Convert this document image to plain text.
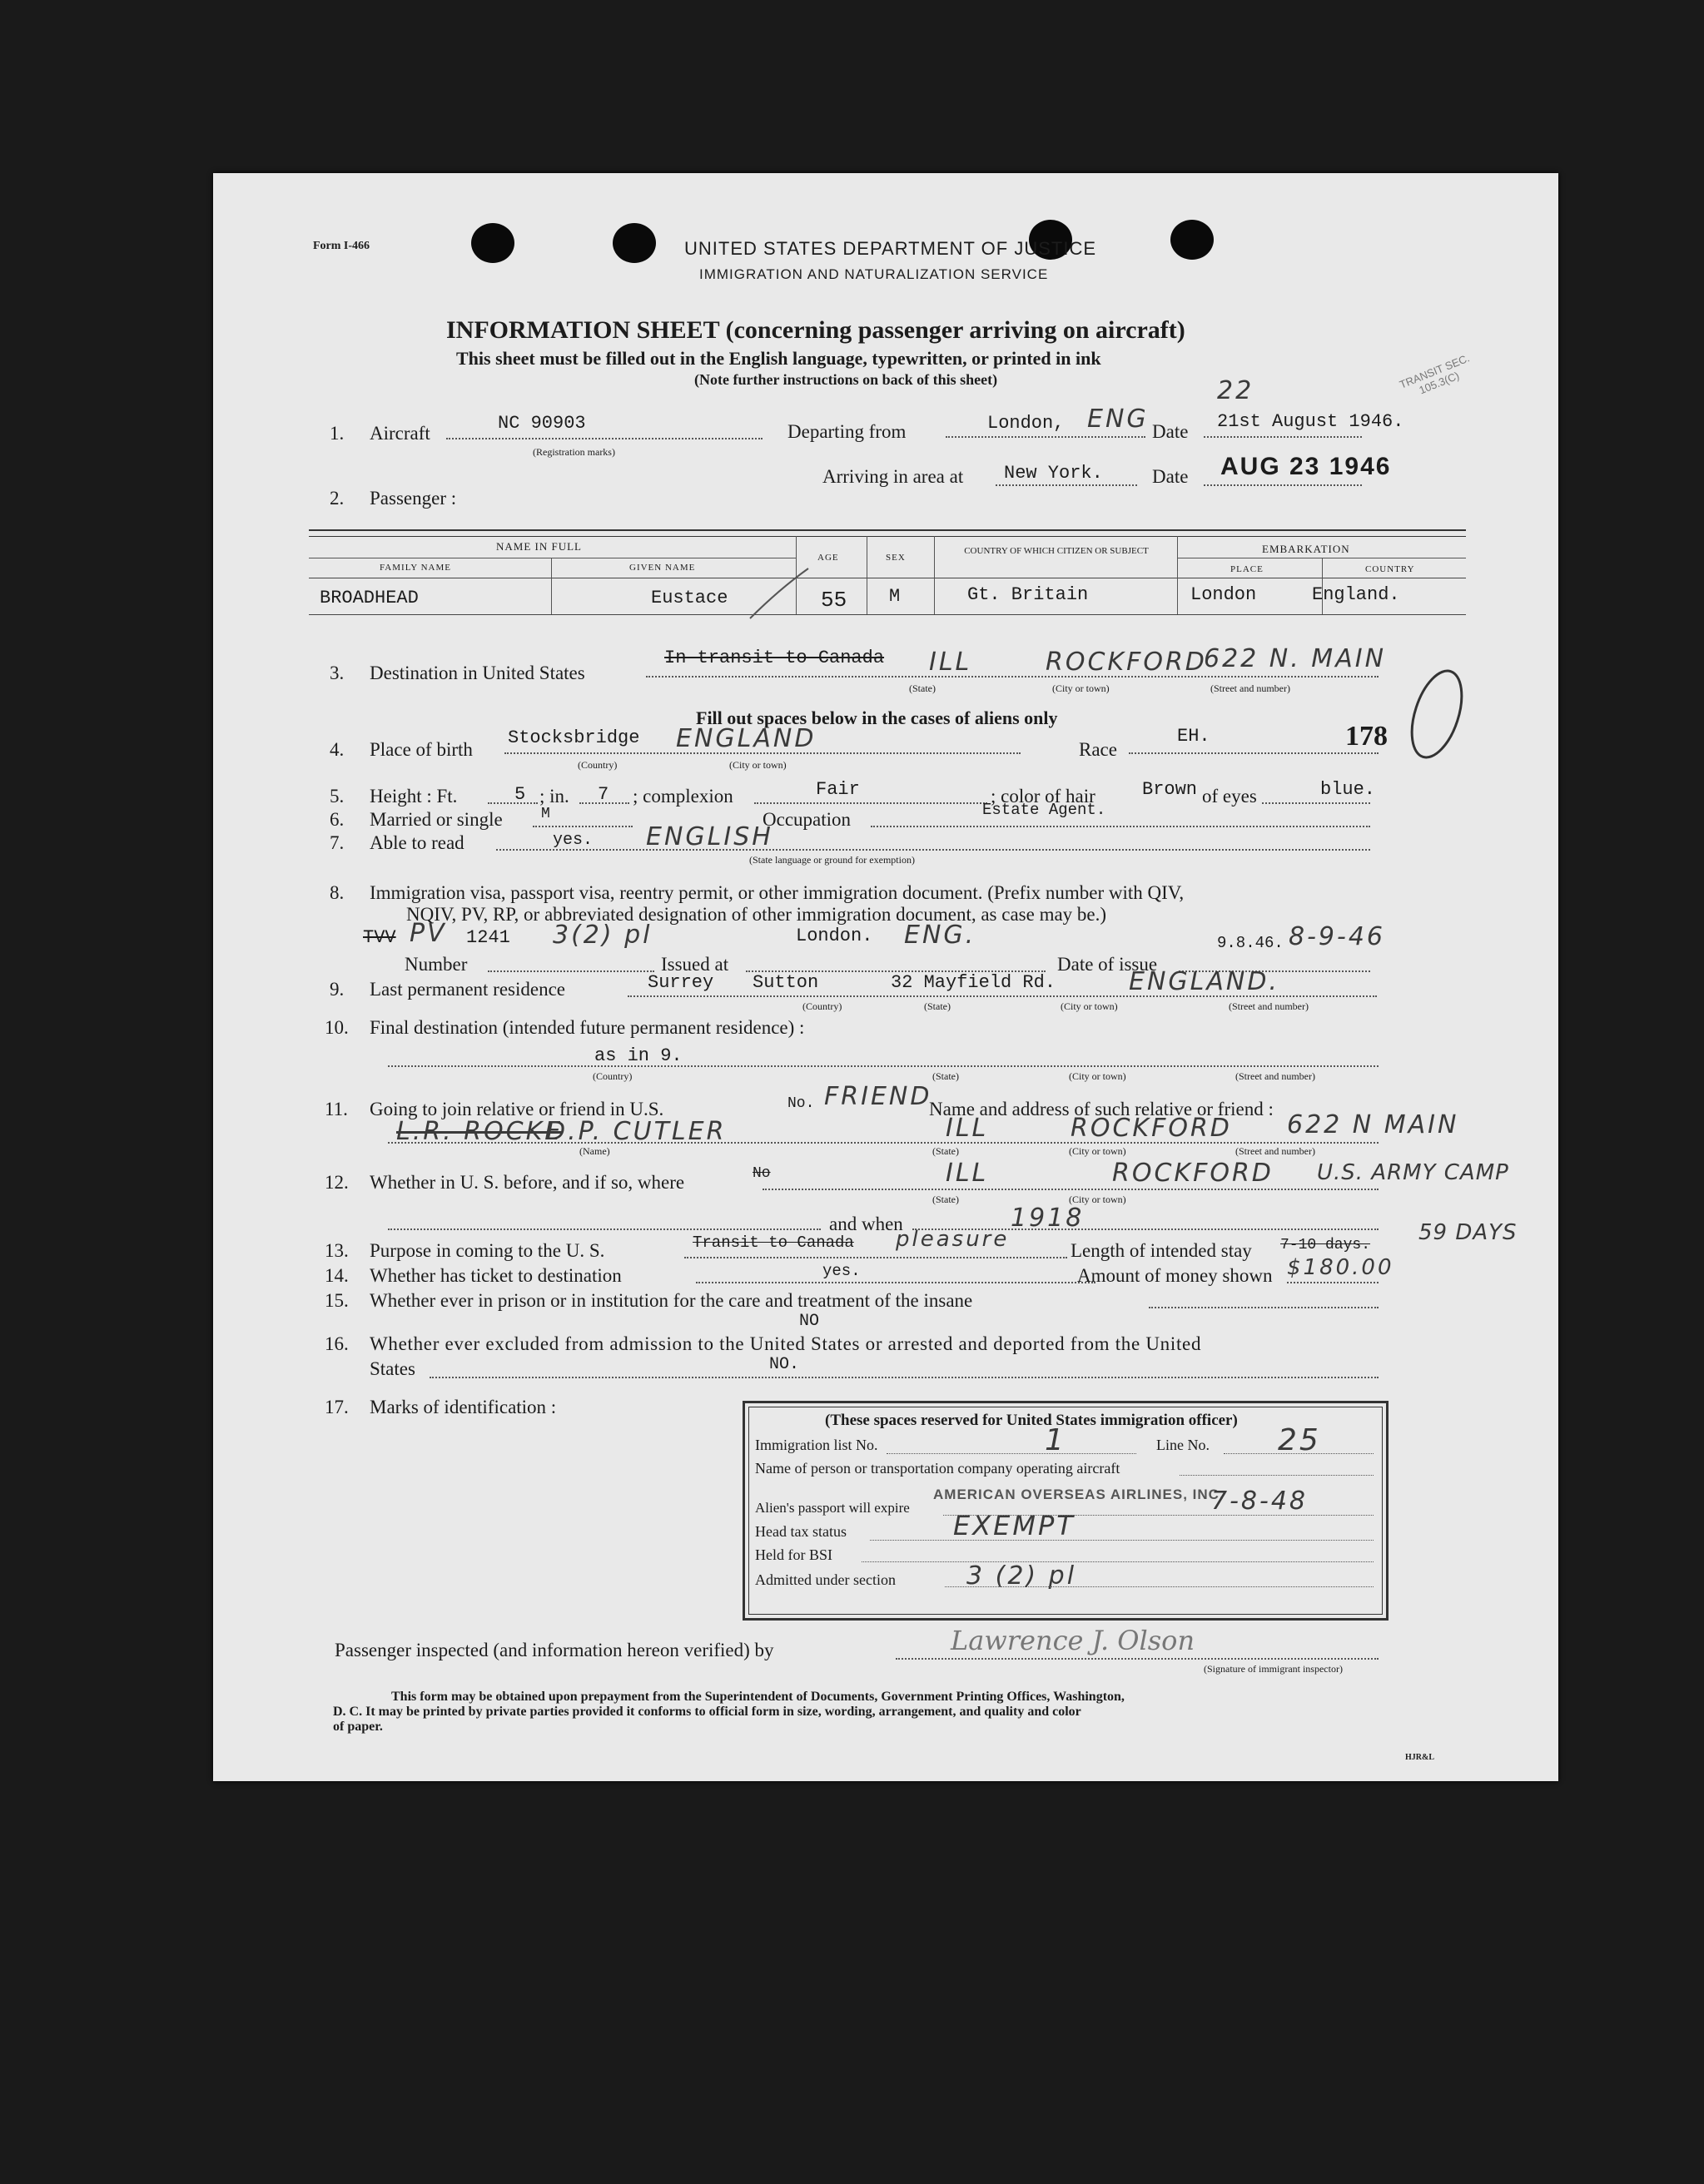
Form I-466	UNITED STATES DEPARTMENT OF JUSTICE
IMMIGRATION AND NATURALIZATION SERVICE
INFORMATION SHEET (concerning passenger arriving on aircraft)
This sheet must be filled out in the English language, typewritten, or printed in ink
(Note further instructions on back of this sheet)	TRANSIT SEC. 105.3(C)
1. Aircraft	NC 90903
(Registration marks)
Departing from	London, ENG Date
22
21st August 1946.
Arriving in area at New York.	Date AUG 23 1946
2. Passenger :
NAME IN FULL
FAMILY NAME	GIVEN NAME
AGE	SEX
COUNTRY OF WHICH CITIZEN OR SUBJECT	EMBARKATION
PLACE	COUNTRY
BROADHEAD	Eustace	55 M	Gt. Britain	London	England.
3. Destination in United States
In transit to Canada ILL	ROCKFORD
622 N. MAIN
(State)	(City or town)	(Street and number)
Fill out spaces below in the cases of aliens only
4. Place of birth
Stocksbridge ENGLAND
(Country)	(City or town)
Race
EH.	178
5. Height : Ft.	5 ; in. 7 ; complexion	Fair	; color of hair	Brown of eyes	blue.
6. Married or single	M	Occupation	Estate Agent.
7. Able to read	yes. ENGLISH
(State language or ground for exemption)
8. Immigration visa, passport visa, reentry permit, or other immigration document. (Prefix number with QIV,
NQIV, PV, RP, or abbreviated designation of other immigration document, as case may be.)
TVV PV 1241 3(2) pl	London. ENG.	9.8.46. 8-9-46
Number	Issued at	Date of issue
9. Last permanent residence	Surrey Sutton	32 Mayfield Rd.	ENGLAND.
(Country)	(State)	(City or town)	(Street and number)
10. Final destination (intended future permanent residence) :
as in 9.
(Country)	(State)	(City or town)	(Street and number)
11. Going to join relative or friend in U.S.	No. FRIEND
Name and address of such relative or friend :
L.R. ROCKE
D.P. CUTLER	ILL	ROCKFORD 622 N MAIN
(Name)	(State)	(City or town)	(Street and number)
12. Whether in U. S. before, and if so, where	No	ILL	ROCKFORD U.S. ARMY CAMP
(State)	(City or town)
and when	1918
13. Purpose in coming to the U. S.	Transit to Canada pleasure	Length of intended stay 7-10 days. 59 DAYS
14. Whether has ticket to destination	yes.	Amount of money shown $180.00
15. Whether ever in prison or in institution for the care and treatment of the insane
NO
16. Whether ever excluded from admission to the United States or arrested and deported from the United
States	NO.
17. Marks of identification :
(These spaces reserved for United States immigration officer)
Immigration list No.	1	Line No. 25
Name of person or transportation company operating aircraft
AMERICAN OVERSEAS AIRLINES, INC.
Alien's passport will expire	7-8-48
Head tax status	EXEMPT
Held for BSI
Admitted under section	3 (2) pl
Passenger inspected (and information hereon verified) by	Lawrence J. Olson
(Signature of immigrant inspector)
This form may be obtained upon prepayment from the Superintendent of Documents, Government Printing Offices, Washington,
D. C. It may be printed by private parties provided it conforms to official form in size, wording, arrangement, and quality and color
of paper.
HJR&L
